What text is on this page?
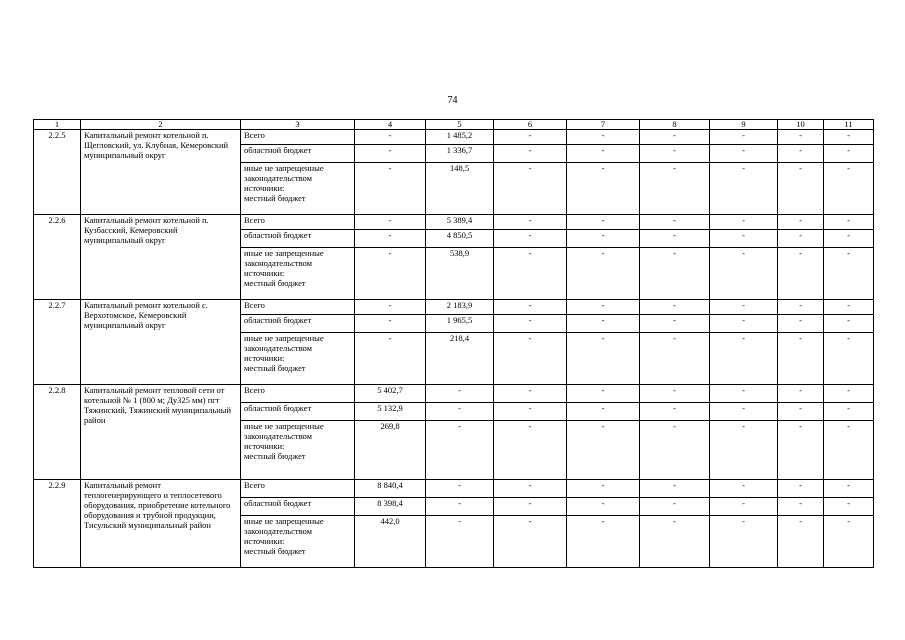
74
1	2	3	4	5	6	7	8	9	10	11
2.2.5	Капитальный ремонт котельной п. Щегловский, ул. Клубная, Кемеровский муниципальный округ	Всего	-	1 485,2	-	-	-	-	-	-
		областной бюджет	-	1 336,7	-	-	-	-	-	-

		иные не запрещенные
законодательством
источники:
местный бюджет	-	148,5	-	-	-	-	-	-
2.2.6	Капитальный ремонт котельной п. Кузбасский, Кемеровский муниципальный округ	Всего	-	5 389,4	-	-	-	-	-	-
		областной бюджет	-	4 850,5	-	-	-	-	-	-

		иные не запрещенные
законодательством
источники:
местный бюджет	-	538,9	-	-	-	-	-	-
2.2.7	Капитальный ремонт котельной с. Верхотомское, Кемеровский муниципальный округ	Всего	-	2 183,9	-	-	-	-	-	-
		областной бюджет	-	1 965,5	-	-	-	-	-	-

		иные не запрещенные
законодательством
источники:
местный бюджет	-	218,4	-	-	-	-	-	-
2.2.8	Капитальный ремонт тепловой сети от котельной № 1 (800 м; Ду325 мм) пгт Тяжинский, Тяжинский муниципальный район	Всего	5 402,7	-	-	-	-	-	-	-
		областной бюджет	5 132,9	-	-	-	-	-	-	-

		иные не запрещенные
законодательством
источники:
местный бюджет	269,8	-	-	-	-	-	-	-
2.2.9	Капитальный ремонт теплогенерирующего и теплосетевого оборудования, приобретение котельного оборудования и трубной продукции, Тисульский муниципальный район	Всего	8 840,4	-	-	-	-	-	-	-
		областной бюджет	8 398,4	-	-	-	-	-	-	-

		иные не запрещенные
законодательством
источники:
местный бюджет	442,0	-	-	-	-	-	-	-
